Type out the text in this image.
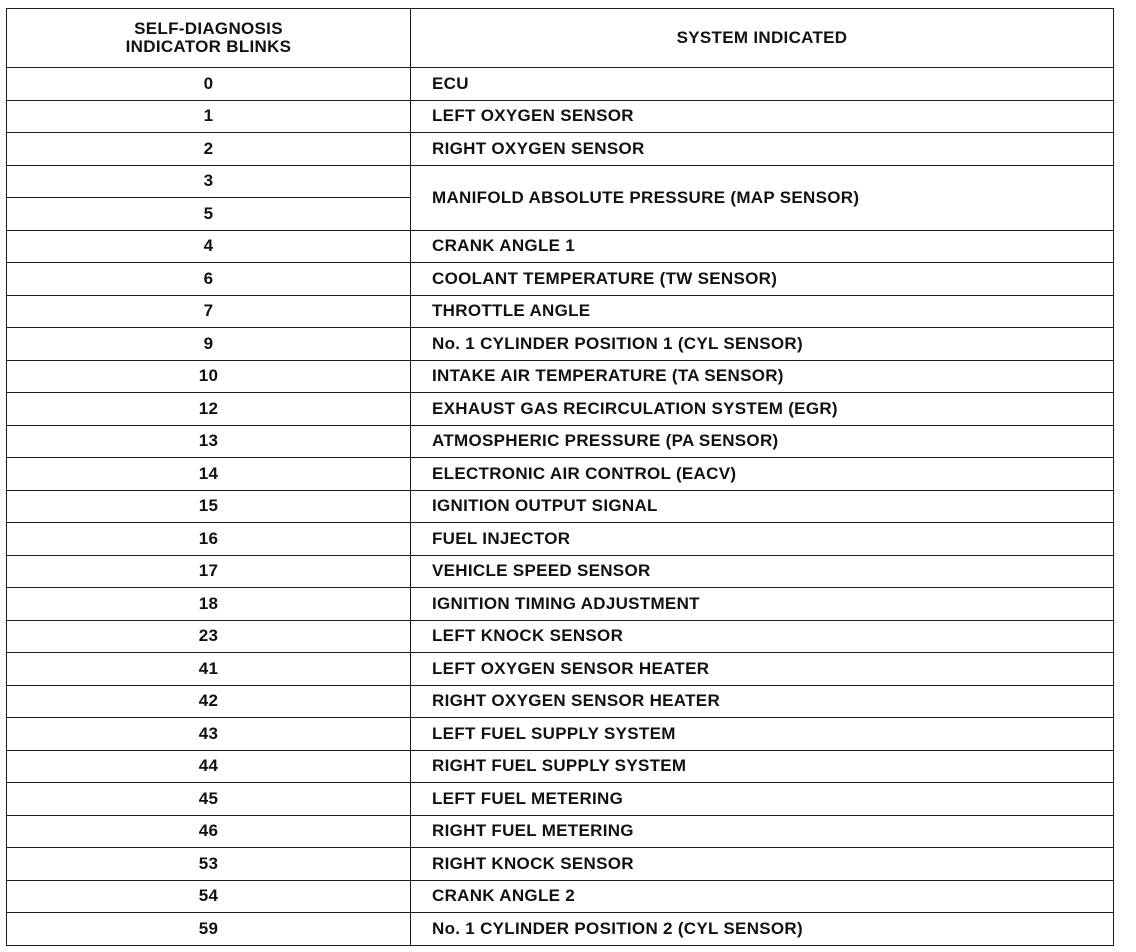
SELF-DIAGNOSIS
INDICATOR BLINKS	SYSTEM INDICATED
0	ECU
1	LEFT OXYGEN SENSOR
2	RIGHT OXYGEN SENSOR
3	MANIFOLD ABSOLUTE PRESSURE (MAP SENSOR)
5	
4	CRANK ANGLE 1
6	COOLANT TEMPERATURE (TW SENSOR)
7	THROTTLE ANGLE
9	No. 1 CYLINDER POSITION 1 (CYL SENSOR)
10	INTAKE AIR TEMPERATURE (TA SENSOR)
12	EXHAUST GAS RECIRCULATION SYSTEM (EGR)
13	ATMOSPHERIC PRESSURE (PA SENSOR)
14	ELECTRONIC AIR CONTROL (EACV)
15	IGNITION OUTPUT SIGNAL
16	FUEL INJECTOR
17	VEHICLE SPEED SENSOR
18	IGNITION TIMING ADJUSTMENT
23	LEFT KNOCK SENSOR
41	LEFT OXYGEN SENSOR HEATER
42	RIGHT OXYGEN SENSOR HEATER
43	LEFT FUEL SUPPLY SYSTEM
44	RIGHT FUEL SUPPLY SYSTEM
45	LEFT FUEL METERING
46	RIGHT FUEL METERING
53	RIGHT KNOCK SENSOR
54	CRANK ANGLE 2
59	No. 1 CYLINDER POSITION 2 (CYL SENSOR)
